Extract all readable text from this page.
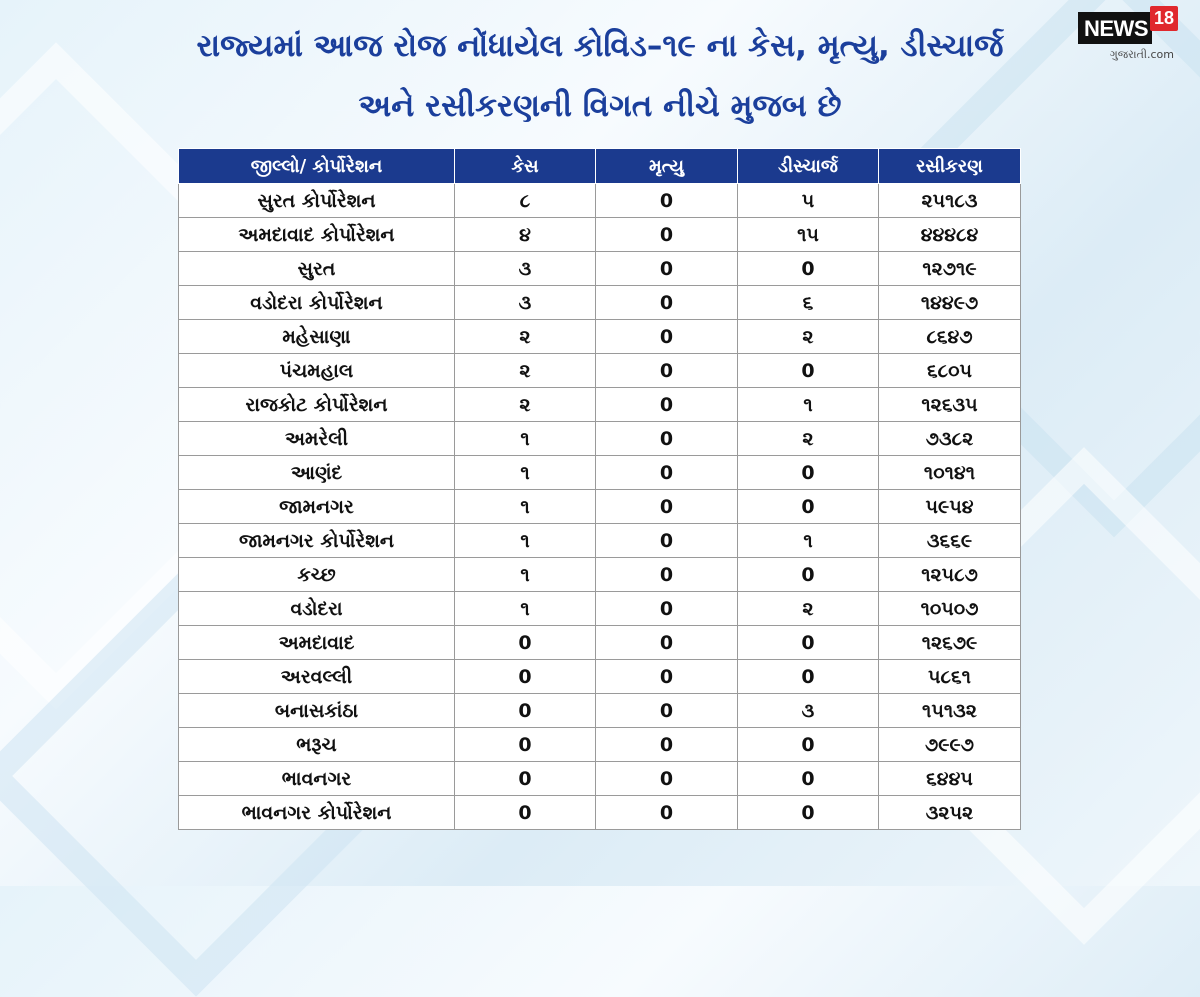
રાજ્યમાં આજ રોજ નોંધાયેલ કોવિડ–૧૯ ના કેસ, મૃત્યુ, ડીસ્ચાર્જ
અને રસીકરણની વિગત નીચે મુજબ છે
NEWS 18
ગુજરાતી.com
જીલ્લો/ કોર્પોરેશન	કેસ	મૃત્યુ	ડીસ્ચાર્જ	રસીકરણ
સુરત કોર્પોરેશન	૮	0	૫	૨૫૧૮૩
અમદાવાદ કોર્પોરેશન	૪	0	૧૫	૪૪૪૮૪
સુરત	૩	0	0	૧૨૭૧૯
વડોદરા કોર્પોરેશન	૩	0	૬	૧૪૪૯૭
મહેસાણા	૨	0	૨	૮૬૪૭
પંચમહાલ	૨	0	0	૬૮૦૫
રાજકોટ કોર્પોરેશન	૨	0	૧	૧૨૬૩૫
અમરેલી	૧	0	૨	૭૩૮૨
આણંદ	૧	0	0	૧૦૧૪૧
જામનગર	૧	0	0	૫૯૫૪
જામનગર કોર્પોરેશન	૧	0	૧	૩૬૬૯
કચ્છ	૧	0	0	૧૨૫૮૭
વડોદરા	૧	0	૨	૧૦૫૦૭
અમદાવાદ	0	0	0	૧૨૬૭૯
અરવલ્લી	0	0	0	૫૮૬૧
બનાસકાંઠા	0	0	૩	૧૫૧૩૨
ભરૂચ	0	0	0	૭૯૯૭
ભાવનગર	0	0	0	૬૪૪૫
ભાવનગર કોર્પોરેશન	0	0	0	૩૨૫૨
